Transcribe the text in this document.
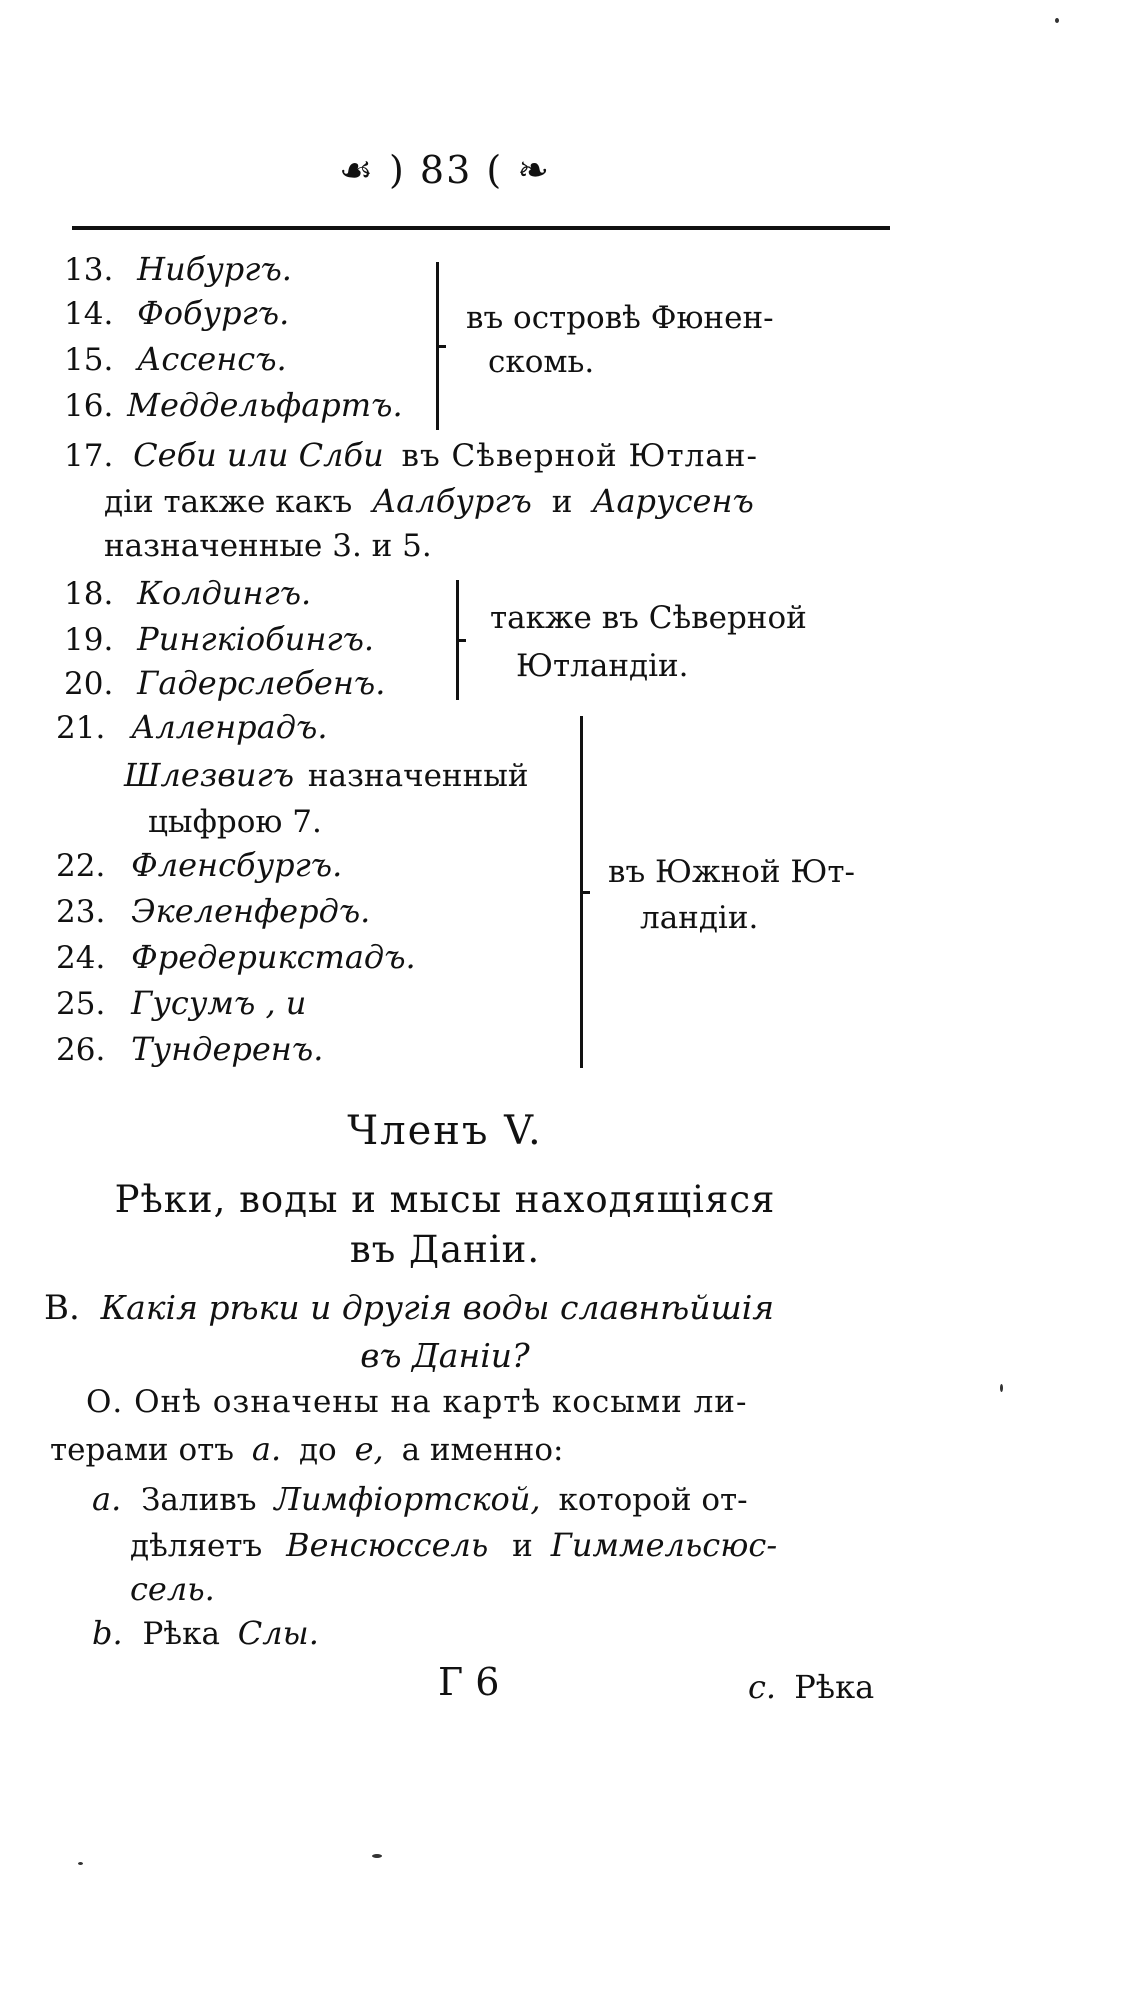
☙ ) 83 ( ❧
13. Нибургъ.
14. Фобургъ.
15. Ассенсъ.
16. Меддельфартъ.
въ островѣ Фюнен-
скомь.
17. Себи или Слби въ Сѣверной Ютлан-
діи также какъ Аалбургъ и Аарусенъ
назначенные 3. и 5.
18. Колдингъ.
19. Рингкіобингъ.
20. Гадерслебенъ.
также въ Сѣверной
Ютландіи.
21. Алленрадъ.
Шлезвигъ назначенный
цыфрою 7.
22. Фленсбургъ.
23. Экеленфердъ.
24. Фредерикстадъ.
25. Гусумъ , и
26. Тундеренъ.
въ Южной Ют-
ландіи.
Членъ V.
Рѣки, воды и мысы находящіяся
въ Даніи.
В. Какія рѣки и другія воды славнѣйшія
въ Даніи?
О. Онѣ означены на картѣ косыми ли-
терами отъ а. до е, а именно:
а. Заливъ Лимфіортской, которой от-
дѣляетъ Венсюссель и Гиммельсюс-
сель.
b. Рѣка Слы.
Г 6	с. Рѣка
